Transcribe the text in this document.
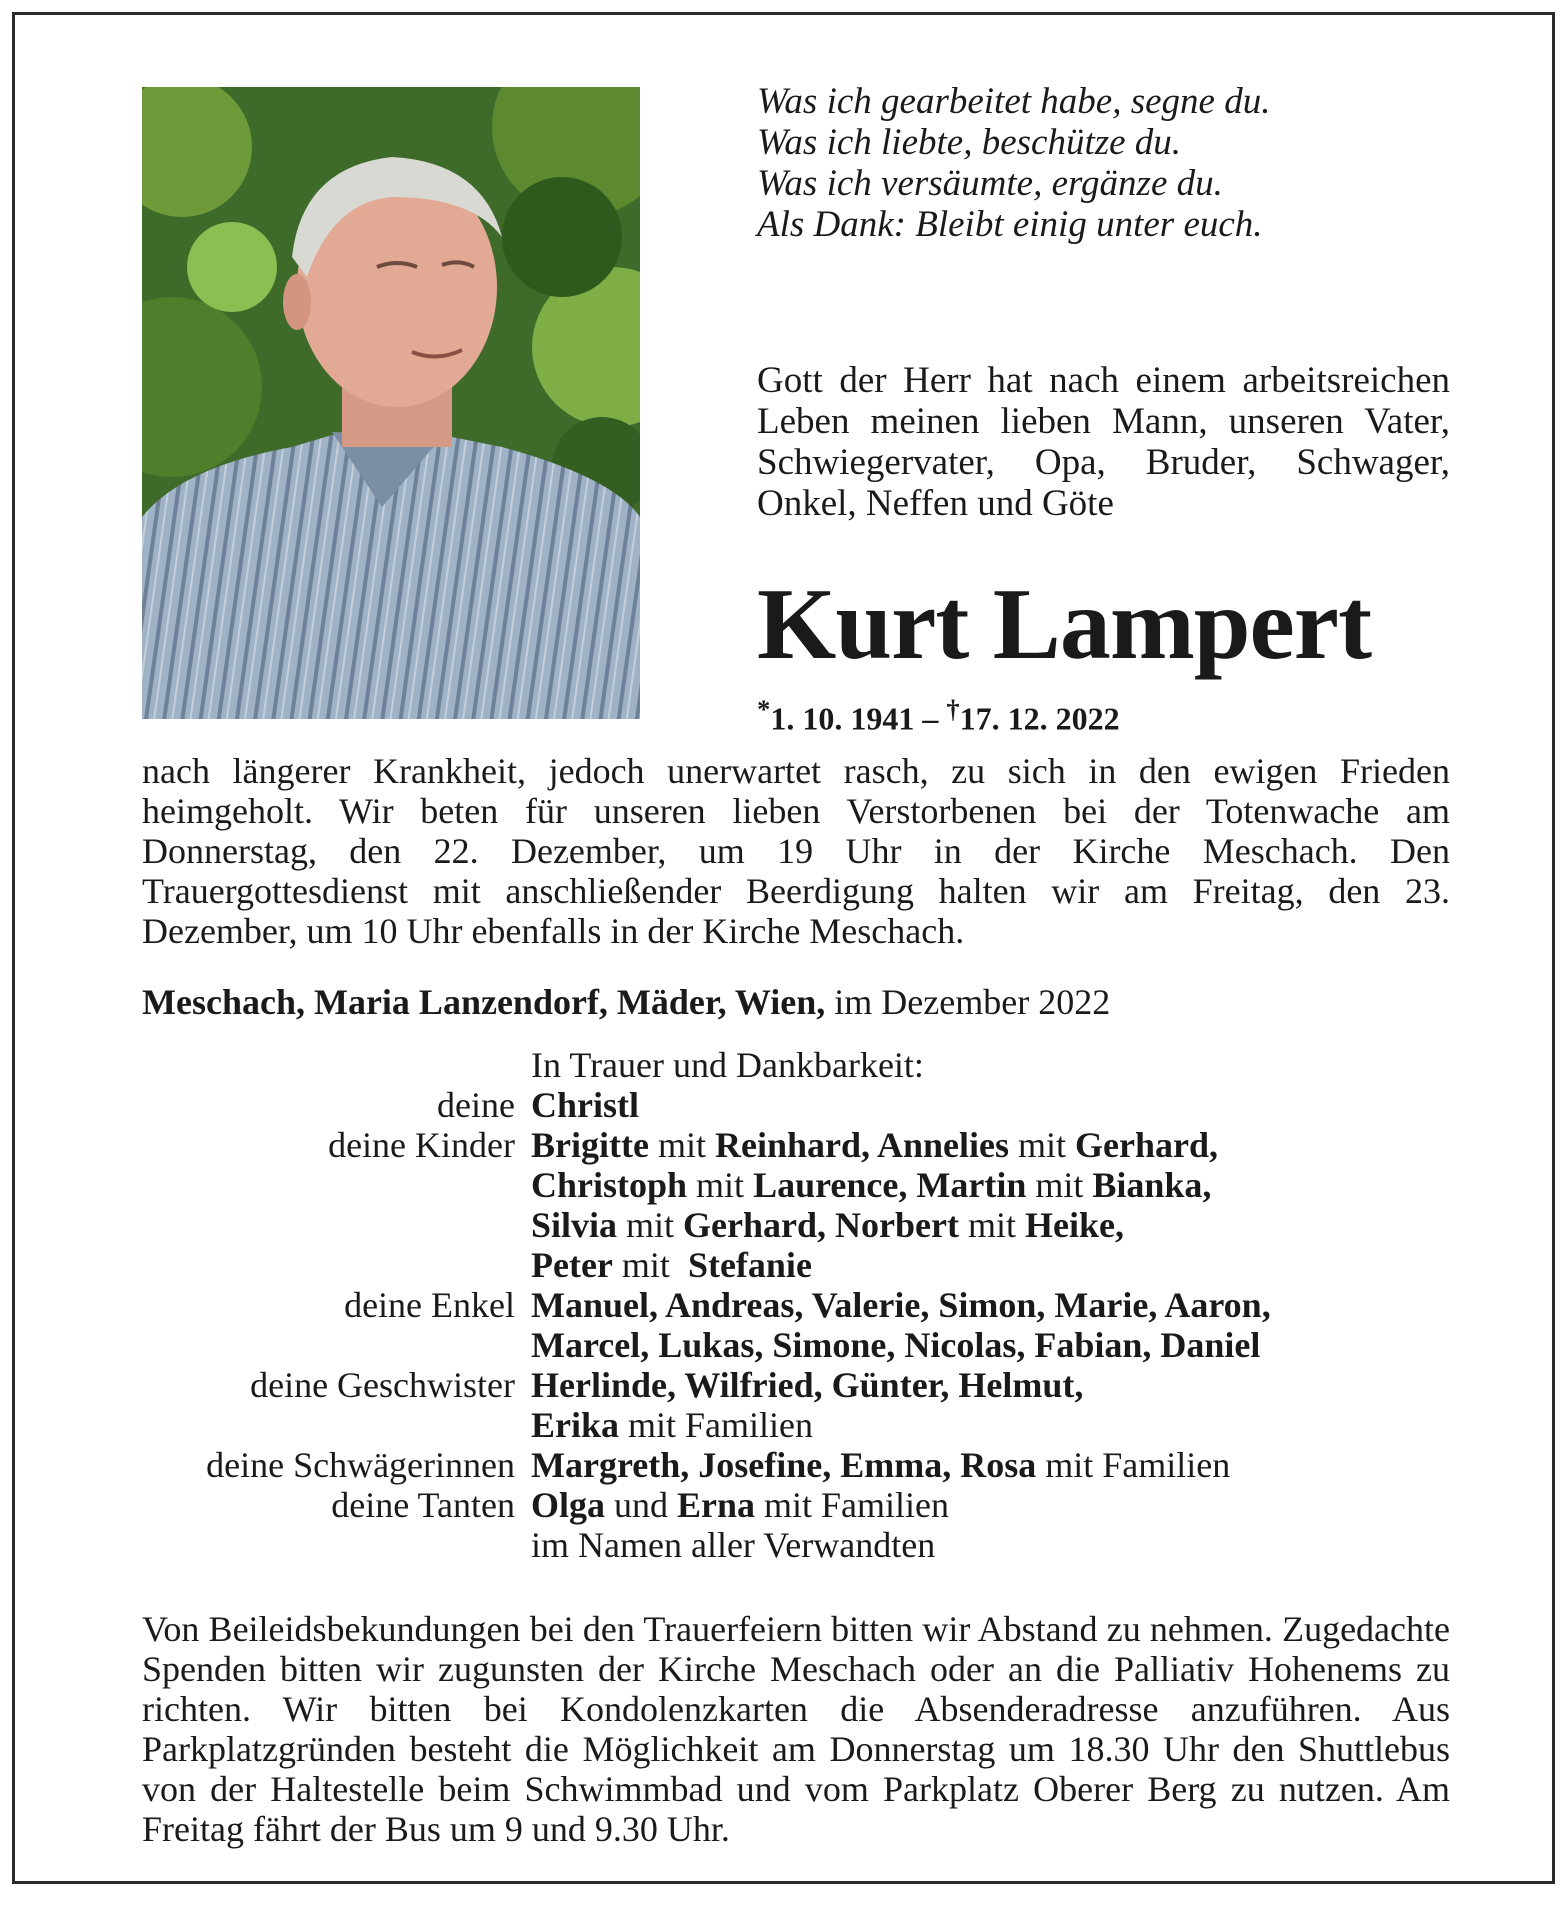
Was ich gearbeitet habe, segne du.
Was ich liebte, beschütze du.
Was ich versäumte, ergänze du.
Als Dank: Bleibt einig unter euch.

Gott der Herr hat nach einem arbeitsreichen Leben meinen lieben Mann, unseren Vater, Schwiegervater, Opa, Bruder, Schwager, Onkel, Neffen und Göte

Kurt Lampert
*1. 10. 1941 – †17. 12. 2022

nach längerer Krankheit, jedoch unerwartet rasch, zu sich in den ewigen Frieden heimgeholt. Wir beten für unseren lieben Verstorbenen bei der Totenwache am Donnerstag, den 22. Dezember, um 19 Uhr in der Kirche Meschach. Den Trauergottesdienst mit anschließender Beerdigung halten wir am Freitag, den 23. Dezember, um 10 Uhr ebenfalls in der Kirche Meschach.

Meschach, Maria Lanzendorf, Mäder, Wien, im Dezember 2022

In Trauer und Dankbarkeit:
deine Christl
deine Kinder Brigitte mit Reinhard, Annelies mit Gerhard,
Christoph mit Laurence, Martin mit Bianka,
Silvia mit Gerhard, Norbert mit Heike,
Peter mit  Stefanie
deine Enkel Manuel, Andreas, Valerie, Simon, Marie, Aaron,
Marcel, Lukas, Simone, Nicolas, Fabian, Daniel
deine Geschwister Herlinde, Wilfried, Günter, Helmut,
Erika mit Familien
deine Schwägerinnen Margreth, Josefine, Emma, Rosa mit Familien
deine Tanten Olga und Erna mit Familien
im Namen aller Verwandten

Von Beileidsbekundungen bei den Trauerfeiern bitten wir Abstand zu nehmen. Zugedachte Spenden bitten wir zugunsten der Kirche Meschach oder an die Palliativ Hohenems zu richten. Wir bitten bei Kondolenzkarten die Absenderadresse anzuführen. Aus Parkplatzgründen besteht die Möglichkeit am Donnerstag um 18.30 Uhr den Shuttlebus von der Haltestelle beim Schwimmbad und vom Parkplatz Oberer Berg zu nutzen. Am Freitag fährt der Bus um 9 und 9.30 Uhr.
